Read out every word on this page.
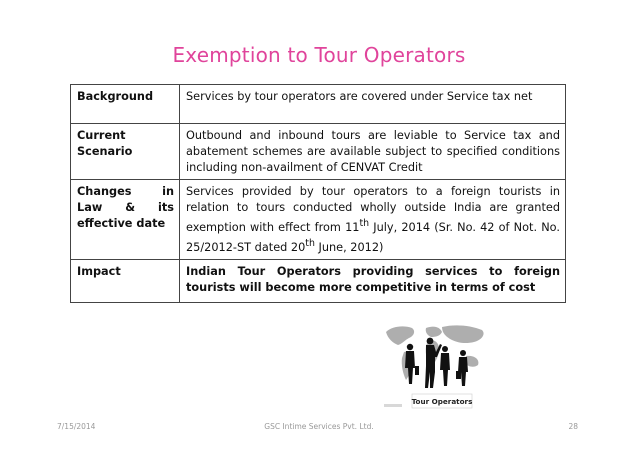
Exemption to Tour Operators
Background	Services by tour operators are covered under Service tax net
Current Scenario	Outbound and inbound tours are leviable to Service tax and abatement schemes are available subject to specified conditions including non-availment of CENVAT Credit
Changes in Law & its effective date	Services provided by tour operators to a foreign tourists in relation to tours conducted wholly outside India are granted exemption with effect from 11th July, 2014 (Sr. No. 42 of Not. No. 25/2012-ST dated 20th June, 2012)
Impact	Indian Tour Operators providing services to foreign tourists will become more competitive in terms of cost
Tour Operators
7/15/2014	GSC Intime Services Pvt. Ltd.	28
